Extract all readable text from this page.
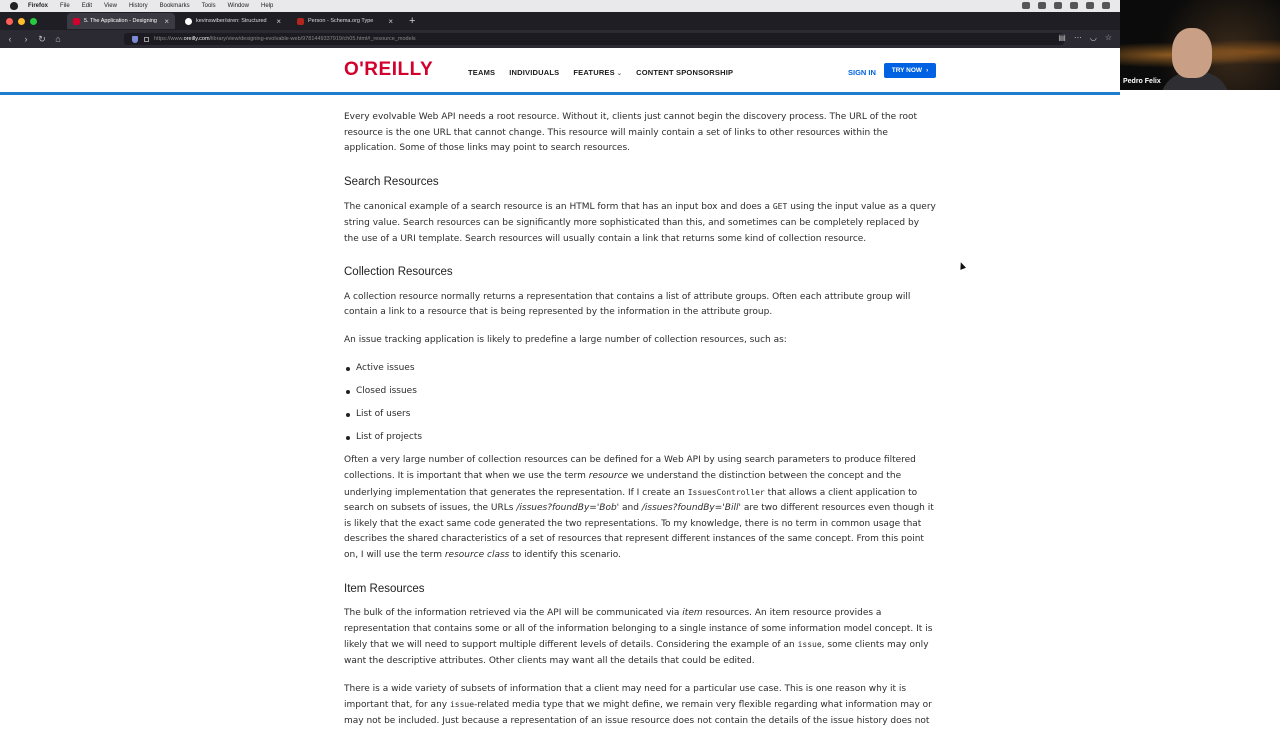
Firefox File Edit View History Bookmarks Tools Window Help
5. The Application - Designing ×	kevinswiber/siren: Structured	×	Person - Schema.org Type	× +
‹	›	↻	⌂	https://www. oreilly.com /library/view/designing-evolvable-web/9781449337919/ch05.html#_resource_models	▤ ⋯ ◡ ☆
Pedro Felix

Every evolvable Web API needs a root resource. Without it, clients just cannot begin the discovery process. The URL of the root resource is the one URL that cannot change. This resource will mainly contain a set of links to other resources within the application. Some of those links may point to search resources.

Search Resources

The canonical example of a search resource is an HTML form that has an input box and does a GET using the input value as a query string value. Search resources can be significantly more sophisticated than this, and sometimes can be completely replaced by the use of a URI template. Search resources will usually contain a link that returns some kind of collection resource.

Collection Resources

A collection resource normally returns a representation that contains a list of attribute groups. Often each attribute group will contain a link to a resource that is being represented by the information in the attribute group.

An issue tracking application is likely to predefine a large number of collection resources, such as:

Active issues
Closed issues
List of users
List of projects

Often a very large number of collection resources can be defined for a Web API by using search parameters to produce filtered collections. It is important that when we use the term resource we understand the distinction between the concept and the underlying implementation that generates the representation. If I create an IssuesController that allows a client application to search on subsets of issues, the URLs /issues?foundBy='Bob' and /issues?foundBy='Bill' are two different resources even though it is likely that the exact same code generated the two representations. To my knowledge, there is no term in common usage that describes the shared characteristics of a set of resources that represent different instances of the same concept. From this point on, I will use the term resource class to identify this scenario.

Item Resources

The bulk of the information retrieved via the API will be communicated via item resources. An item resource provides a representation that contains some or all of the information belonging to a single instance of some information model concept. It is likely that we will need to support multiple different levels of details. Considering the example of an issue, some clients may only want the descriptive attributes. Other clients may want all the details that could be edited.

There is a wide variety of subsets of information that a client may need for a particular use case. This is one reason why it is important that, for any issue-related media type that we might define, we remain very flexible regarding what information may or may not be included. Just because a representation of an issue resource does not contain the details of the issue history does not

O'REILLY	TEAMS INDIVIDUALS FEATURES ⌄ CONTENT SPONSORSHIP	SIGN IN TRY NOW ›
